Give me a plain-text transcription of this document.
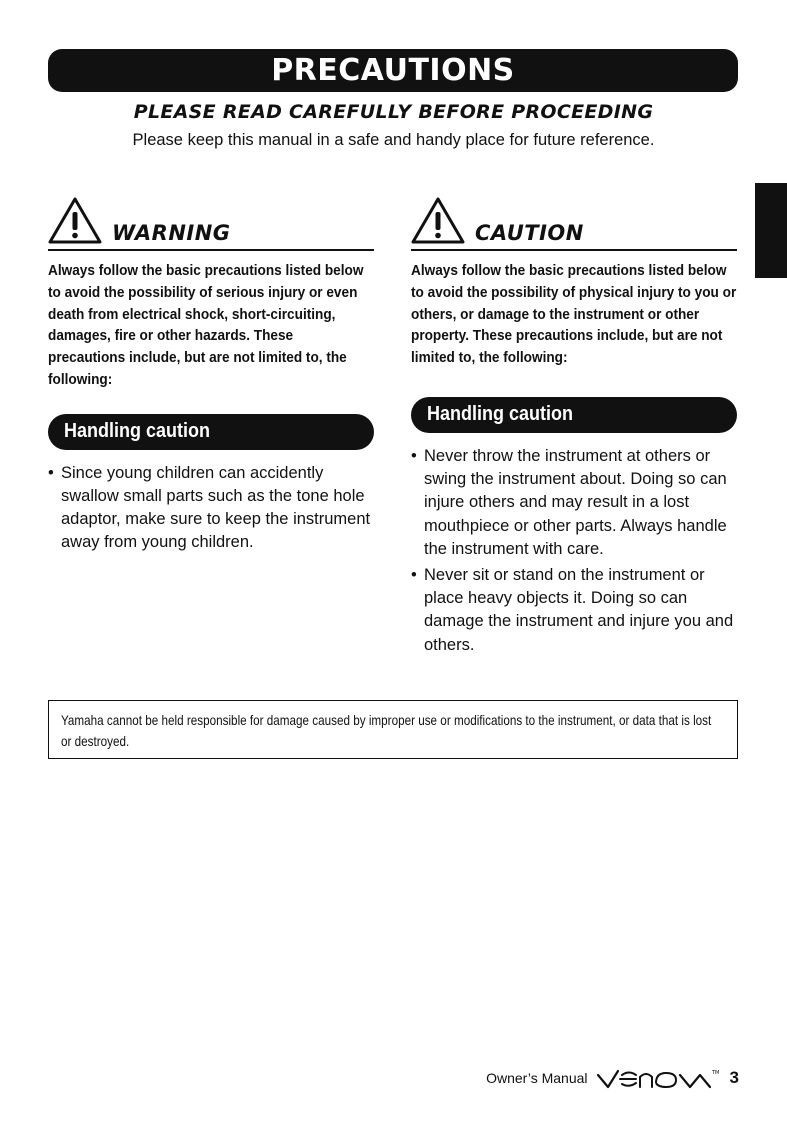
PRECAUTIONS
PLEASE READ CAREFULLY BEFORE PROCEEDING
Please keep this manual in a safe and handy place for future reference.
WARNING
Always follow the basic precautions listed below to avoid the possibility of serious injury or even death from electrical shock, short-circuiting, damages, fire or other hazards. These precautions include, but are not limited to, the following:
Handling caution
• Since young children can accidently swallow small parts such as the tone hole adaptor, make sure to keep the instrument away from young children.
CAUTION
Always follow the basic precautions listed below to avoid the possibility of physical injury to you or others, or damage to the instrument or other property. These precautions include, but are not limited to, the following:
Handling caution
• Never throw the instrument at others or swing the instrument about. Doing so can injure others and may result in a lost mouthpiece or other parts. Always handle the instrument with care.
• Never sit or stand on the instrument or place heavy objects it. Doing so can damage the instrument and injure you and others.
Yamaha cannot be held responsible for damage caused by improper use or modifications to the instrument, or data that is lost or destroyed.
Owner’s Manual	TM 3
